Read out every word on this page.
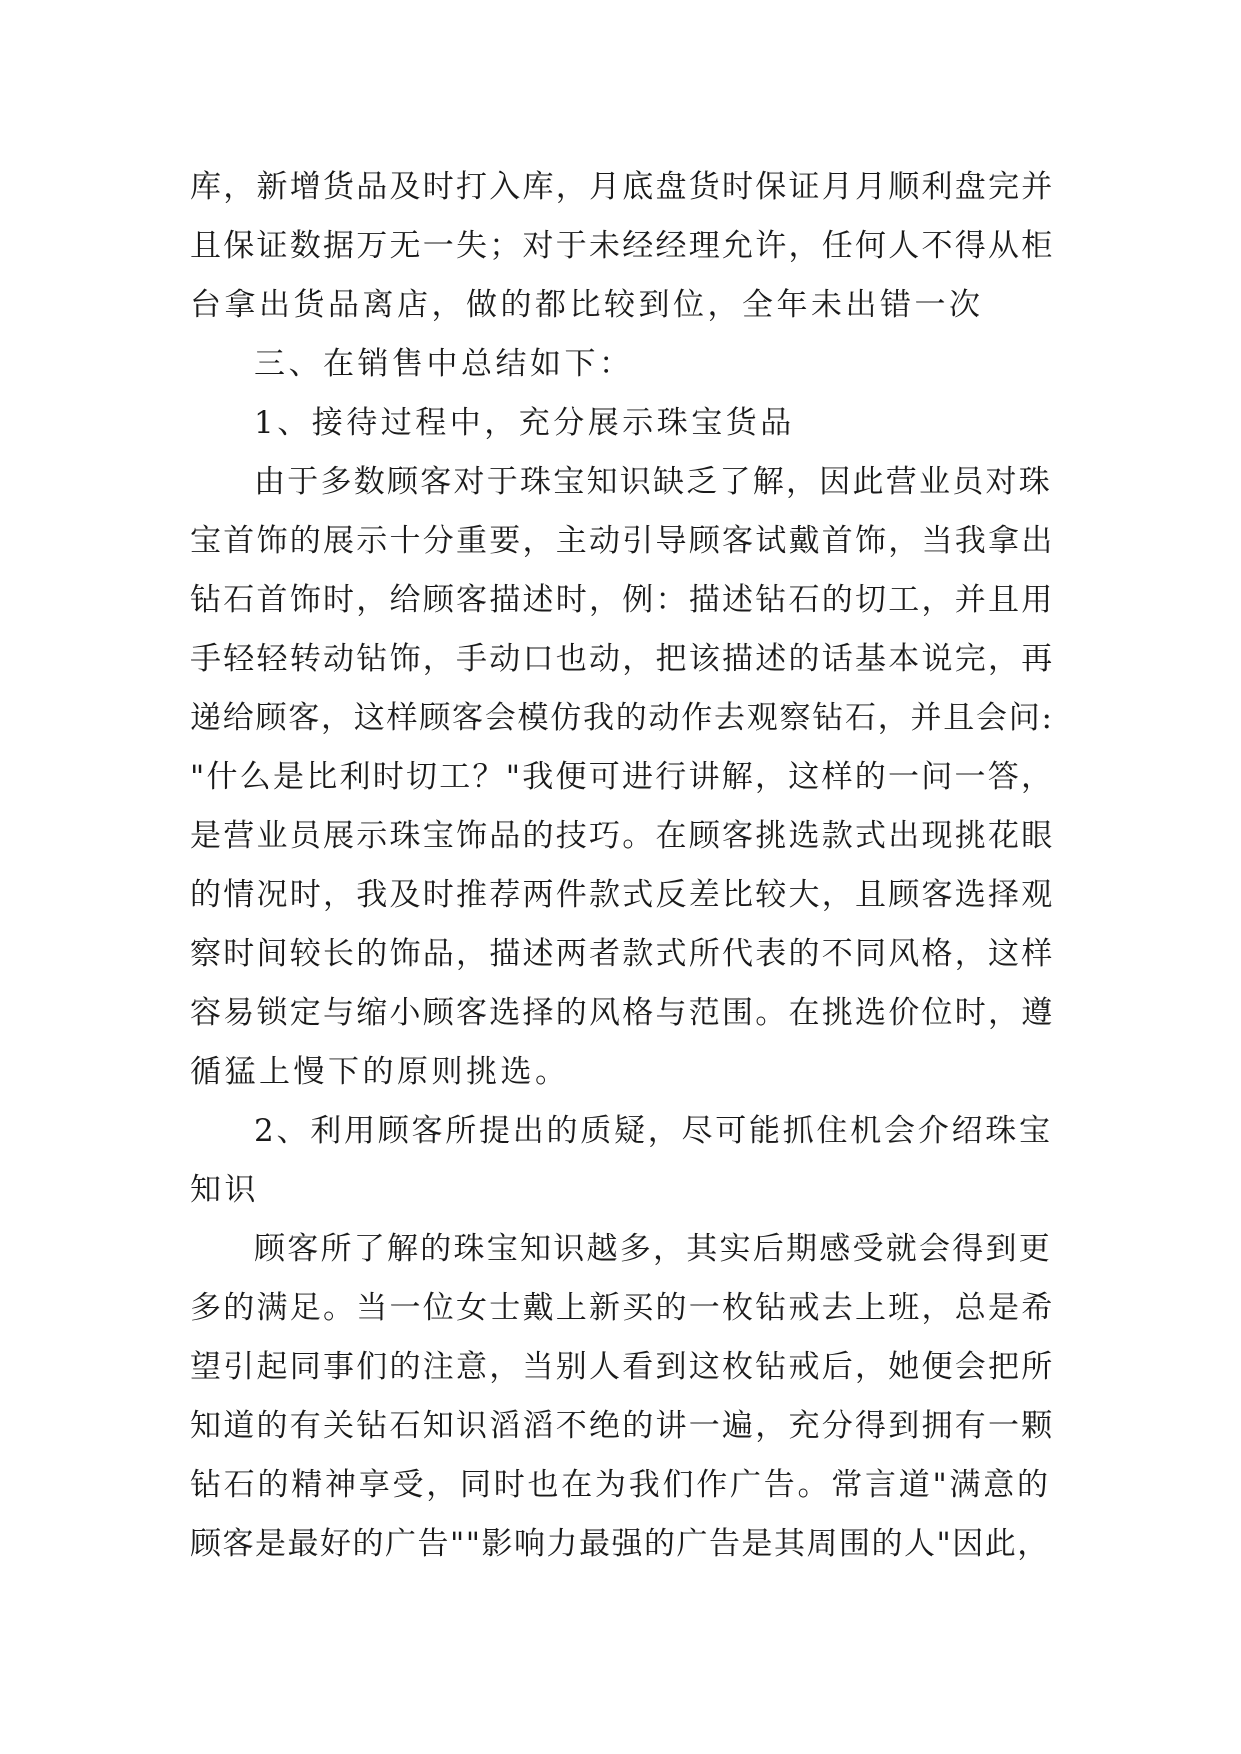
库，新增货品及时打入库，月底盘货时保证月月顺利盘完并
且保证数据万无一失；对于未经经理允许，任何人不得从柜
台拿出货品离店，做的都比较到位，全年未出错一次
三、在销售中总结如下：
1、接待过程中，充分展示珠宝货品
由于多数顾客对于珠宝知识缺乏了解，因此营业员对珠
宝首饰的展示十分重要，主动引导顾客试戴首饰，当我拿出
钻石首饰时，给顾客描述时，例：描述钻石的切工，并且用
手轻轻转动钻饰，手动口也动，把该描述的话基本说完，再
递给顾客，这样顾客会模仿我的动作去观察钻石，并且会问:
"什么是比利时切工？"我便可进行讲解，这样的一问一答，
是营业员展示珠宝饰品的技巧。在顾客挑选款式出现挑花眼
的情况时，我及时推荐两件款式反差比较大，且顾客选择观
察时间较长的饰品，描述两者款式所代表的不同风格，这样
容易锁定与缩小顾客选择的风格与范围。在挑选价位时，遵
循猛上慢下的原则挑选。
2、利用顾客所提出的质疑，尽可能抓住机会介绍珠宝
知识
顾客所了解的珠宝知识越多，其实后期感受就会得到更
多的满足。当一位女士戴上新买的一枚钻戒去上班，总是希
望引起同事们的注意，当别人看到这枚钻戒后，她便会把所
知道的有关钻石知识滔滔不绝的讲一遍，充分得到拥有一颗
钻石的精神享受，同时也在为我们作广告。常言道"满意的
顾客是最好的广告""影响力最强的广告是其周围的人"因此，
